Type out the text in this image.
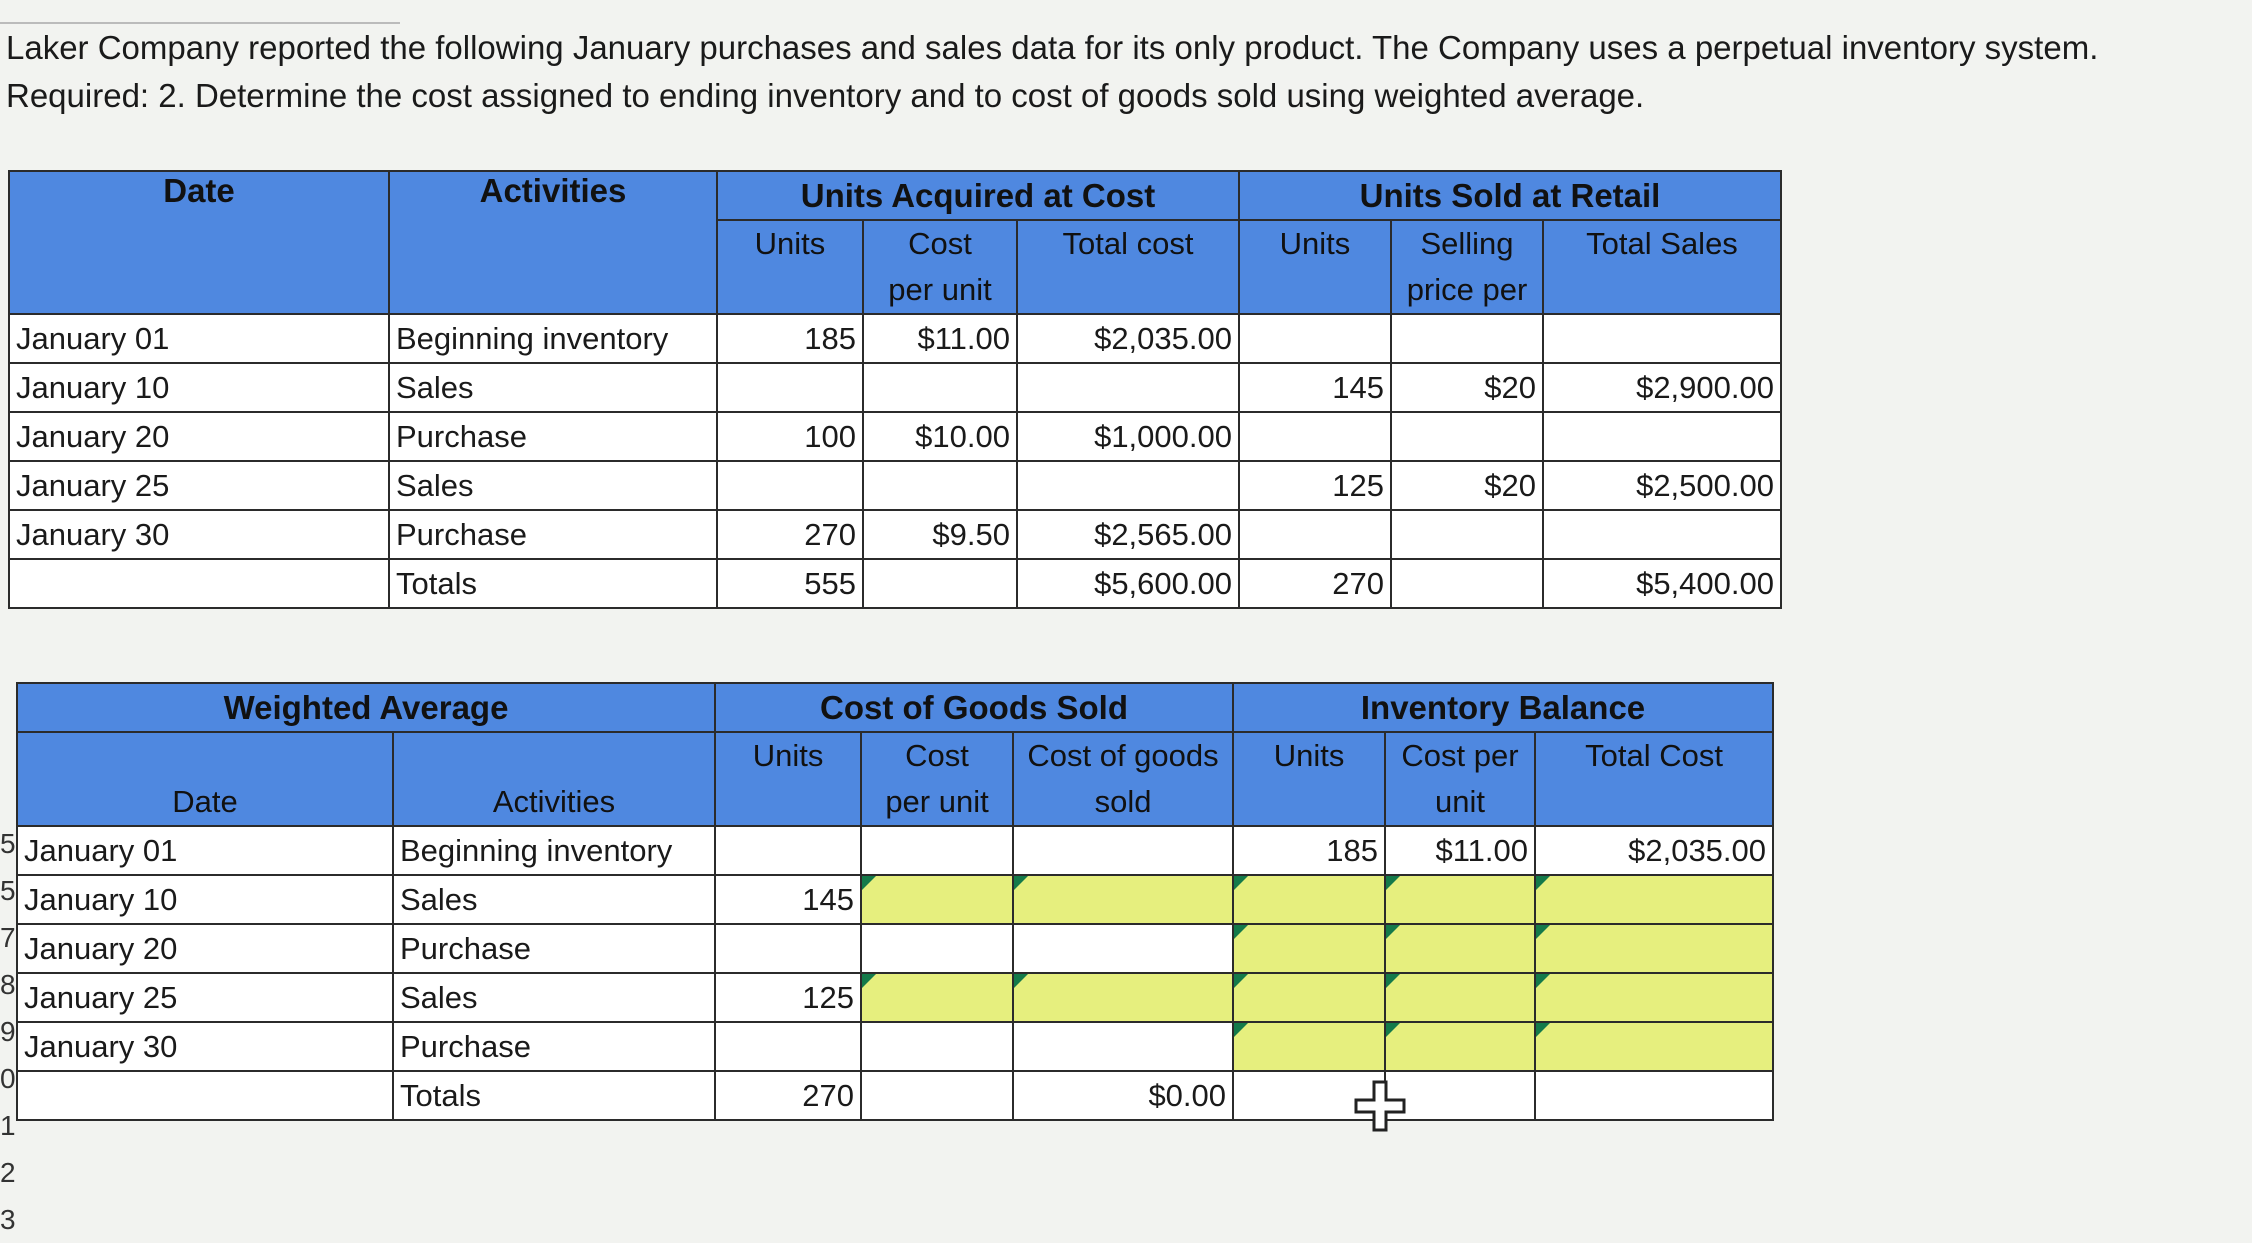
Laker Company reported the following January purchases and sales data for its only product. The Company uses a perpetual inventory system.
Required: 2. Determine the cost assigned to ending inventory and to cost of goods sold using weighted average.
5
5
7
8
9
0
1
2
3
Date	Activities	Units Acquired at Cost			Units Sold at Retail		
		Units	Cost
per unit	Total cost	Units	Selling
price per	Total Sales
January 01	Beginning inventory	185	$11.00	$2,035.00			
January 10	Sales				145	$20	$2,900.00
January 20	Purchase	100	$10.00	$1,000.00			
January 25	Sales				125	$20	$2,500.00
January 30	Purchase	270	$9.50	$2,565.00			
	Totals	555		$5,600.00	270		$5,400.00
Weighted Average		Cost of Goods Sold			Inventory Balance		
Date	Activities	Units	Cost
per unit	Cost of goods
sold	Units	Cost per
unit	Total Cost
January 01	Beginning inventory				185	$11.00	$2,035.00
January 10	Sales	145					
January 20	Purchase						
January 25	Sales	125					
January 30	Purchase						
	Totals	270		$0.00			
